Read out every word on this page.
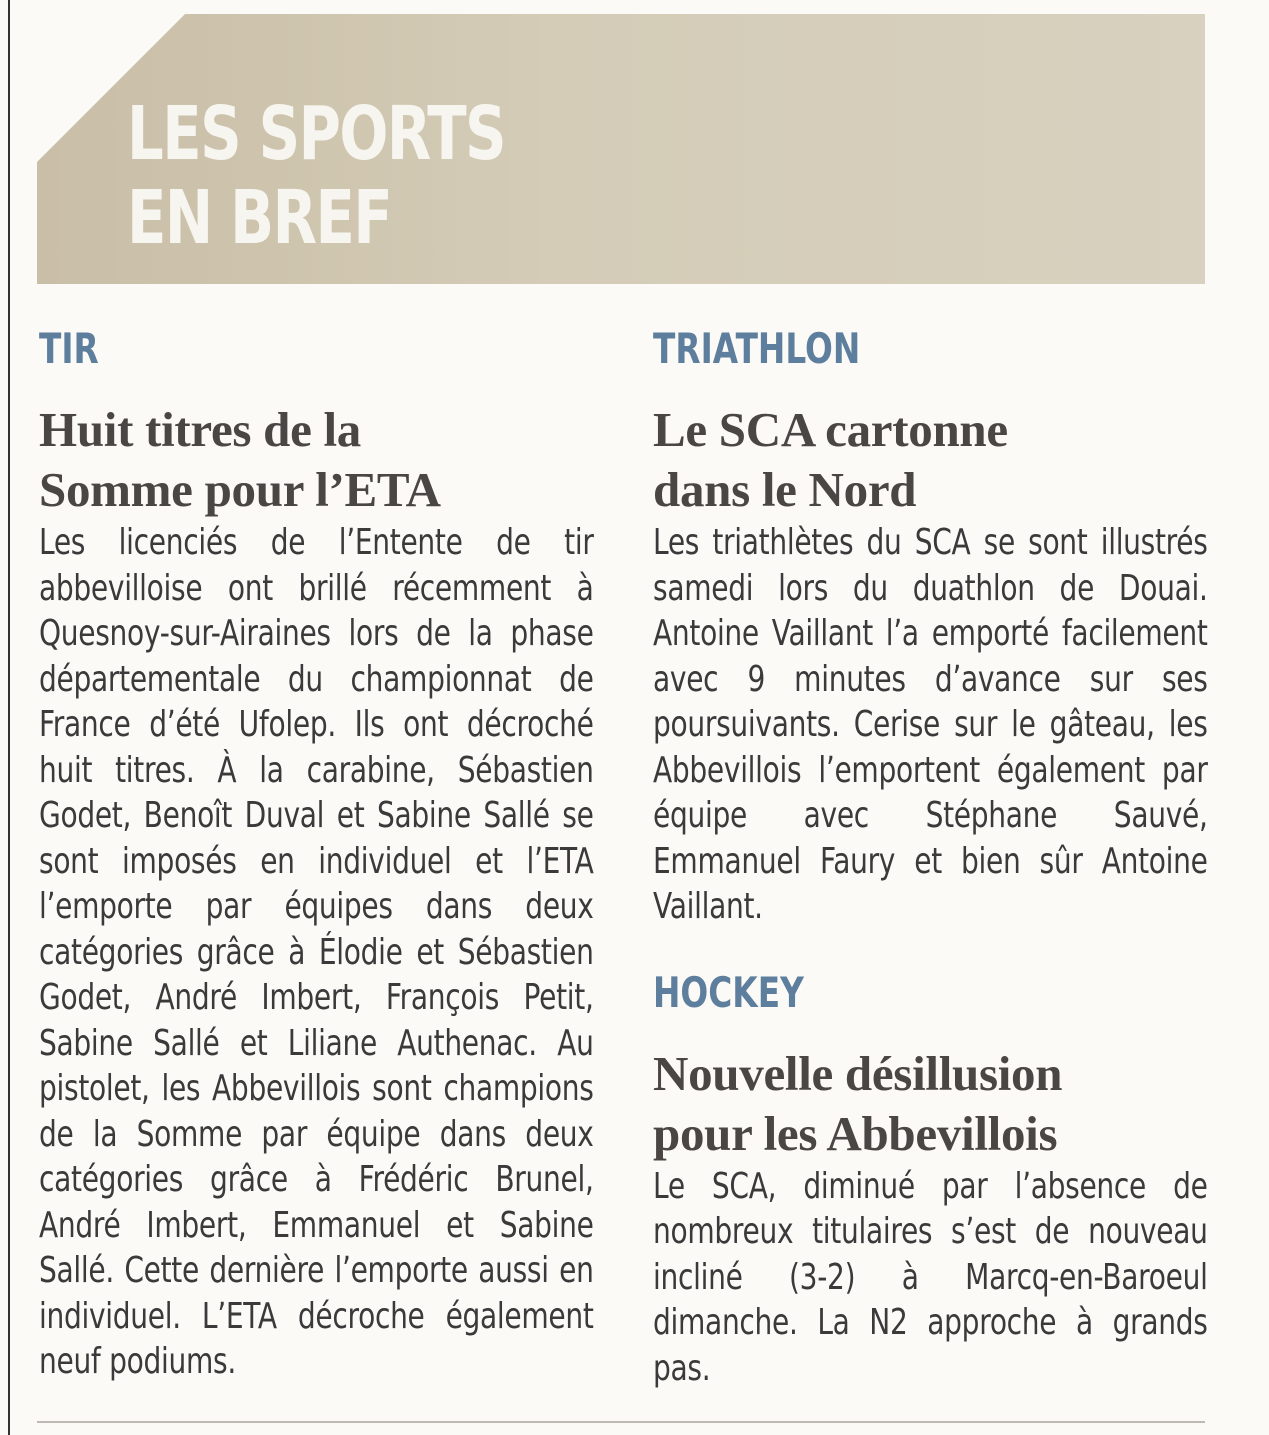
LES SPORTS
EN BREF
TIR
Huit titres de la
Somme pour l’ETA

Les licenciés de l’Entente de tir abbevilloise ont brillé récemment à Quesnoy-sur-Airaines lors de la phase départementale du championnat de France d’été Ufolep. Ils ont décroché huit titres. À la carabine, Sébastien Godet, Benoît Duval et Sabine Sallé se sont imposés en individuel et l’ETA l’emporte par équipes dans deux catégories grâce à Élodie et Sébastien Godet, André Imbert, François Petit, Sabine Sallé et Liliane Authenac. Au pistolet, les Abbevillois sont champions de la Somme par équipe dans deux catégories grâce à Frédéric Brunel, André Imbert, Emmanuel et Sabine Sallé. Cette dernière l’emporte aussi en individuel. L’ETA décroche également neuf podiums.

TRIATHLON
Le SCA cartonne
dans le Nord

Les triathlètes du SCA se sont illustrés samedi lors du duathlon de Douai. Antoine Vaillant l’a emporté facilement avec 9 minutes d’avance sur ses poursuivants. Cerise sur le gâteau, les Abbevillois l’emportent également par équipe avec Stéphane Sauvé, Emmanuel Faury et bien sûr Antoine Vaillant.

HOCKEY
Nouvelle désillusion
pour les Abbevillois

Le SCA, diminué par l’absence de nombreux titulaires s’est de nouveau incliné (3-2) à Marcq-en-Baroeul dimanche. La N2 approche à grands pas.
